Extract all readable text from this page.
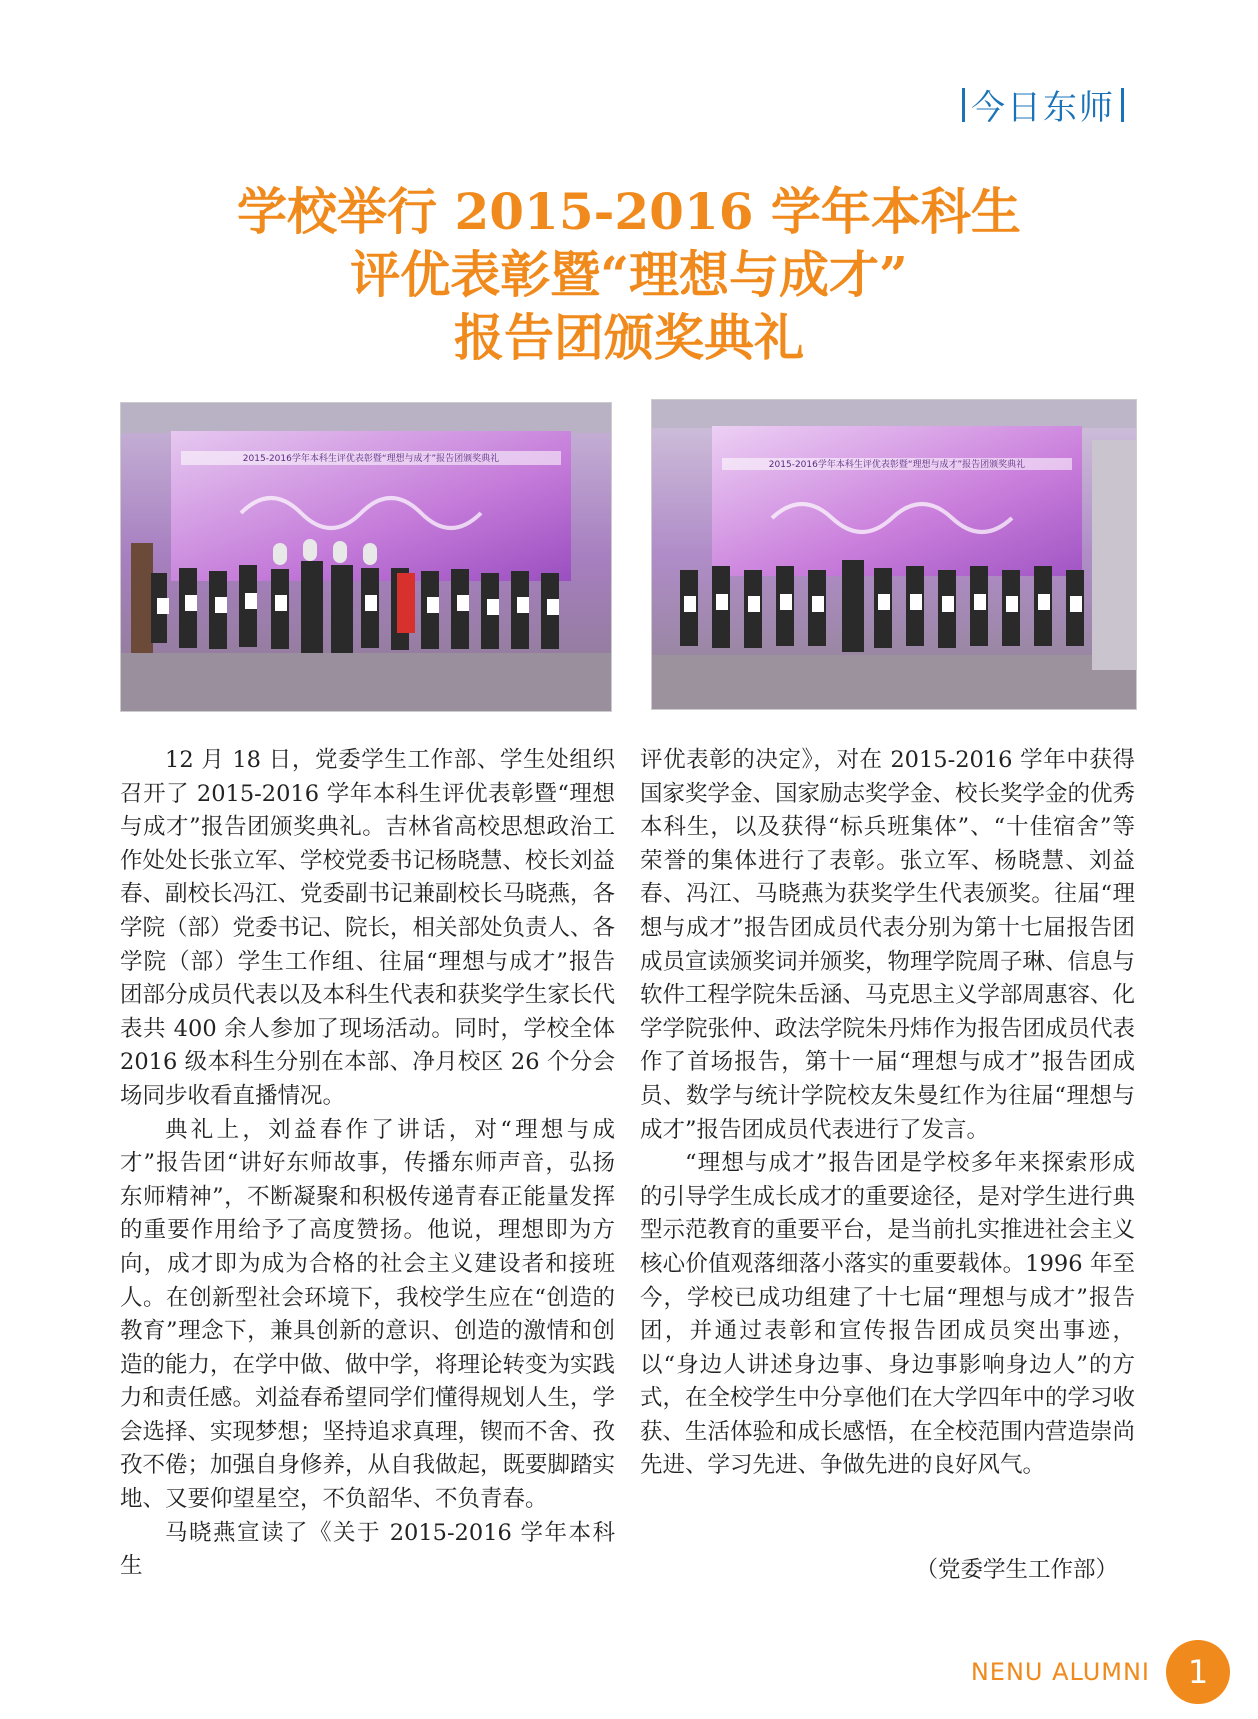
今日东师
学校举行 2015-2016 学年本科生
评优表彰暨“理想与成才”
报告团颁奖典礼
2015-2016学年本科生评优表彰暨“理想与成才”报告团颁奖典礼
2015-2016学年本科生评优表彰暨“理想与成才”报告团颁奖典礼

12 月 18 日，党委学生工作部、学生处组织召开了 2015-2016 学年本科生评优表彰暨“理想与成才”报告团颁奖典礼。吉林省高校思想政治工作处处长张立军、学校党委书记杨晓慧、校长刘益春、副校长冯江、党委副书记兼副校长马晓燕，各学院（部）党委书记、院长，相关部处负责人、各学院（部）学生工作组、往届“理想与成才”报告团部分成员代表以及本科生代表和获奖学生家长代表共 400 余人参加了现场活动。同时，学校全体 2016 级本科生分别在本部、净月校区 26 个分会场同步收看直播情况。

典礼上，刘益春作了讲话，对“理想与成才”报告团“讲好东师故事，传播东师声音，弘扬东师精神”，不断凝聚和积极传递青春正能量发挥的重要作用给予了高度赞扬。他说，理想即为方向，成才即为成为合格的社会主义建设者和接班人。在创新型社会环境下，我校学生应在“创造的教育”理念下，兼具创新的意识、创造的激情和创造的能力，在学中做、做中学，将理论转变为实践力和责任感。刘益春希望同学们懂得规划人生，学会选择、实现梦想；坚持追求真理，锲而不舍、孜孜不倦；加强自身修养，从自我做起，既要脚踏实地、又要仰望星空，不负韶华、不负青春。

马晓燕宣读了《关于 2015-2016 学年本科生

评优表彰的决定》，对在 2015-2016 学年中获得国家奖学金、国家励志奖学金、校长奖学金的优秀本科生，以及获得“标兵班集体”、“十佳宿舍”等荣誉的集体进行了表彰。张立军、杨晓慧、刘益春、冯江、马晓燕为获奖学生代表颁奖。往届“理想与成才”报告团成员代表分别为第十七届报告团成员宣读颁奖词并颁奖，物理学院周子琳、信息与软件工程学院朱岳涵、马克思主义学部周惠容、化学学院张仲、政法学院朱丹炜作为报告团成员代表作了首场报告，第十一届“理想与成才”报告团成员、数学与统计学院校友朱曼红作为往届“理想与成才”报告团成员代表进行了发言。

“理想与成才”报告团是学校多年来探索形成的引导学生成长成才的重要途径，是对学生进行典型示范教育的重要平台，是当前扎实推进社会主义核心价值观落细落小落实的重要载体。1996 年至今，学校已成功组建了十七届“理想与成才”报告团，并通过表彰和宣传报告团成员突出事迹，以“身边人讲述身边事、身边事影响身边人”的方式，在全校学生中分享他们在大学四年中的学习收获、生活体验和成长感悟，在全校范围内营造崇尚先进、学习先进、争做先进的良好风气。

（党委学生工作部）
NENU ALUMNI	1
